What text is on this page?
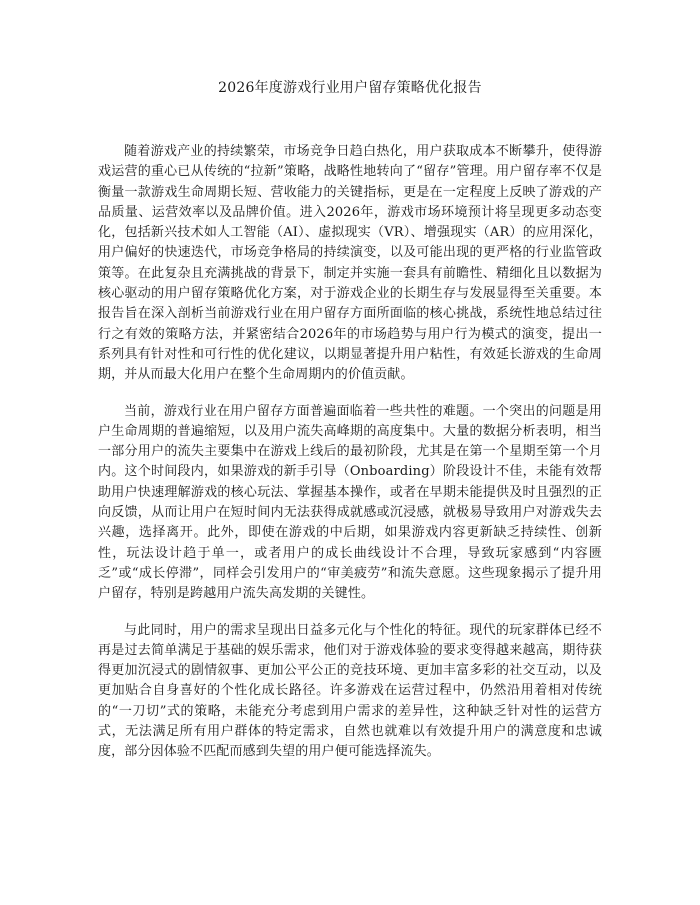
2026年度游戏行业用户留存策略优化报告

随着游戏产业的持续繁荣，市场竞争日趋白热化，用户获取成本不断攀升，使得游戏运营的重心已从传统的“拉新”策略，战略性地转向了“留存”管理。用户留存率不仅是衡量一款游戏生命周期长短、营收能力的关键指标，更是在一定程度上反映了游戏的产品质量、运营效率以及品牌价值。进入2026年，游戏市场环境预计将呈现更多动态变化，包括新兴技术如人工智能（AI）、虚拟现实（VR）、增强现实（AR）的应用深化，用户偏好的快速迭代，市场竞争格局的持续演变，以及可能出现的更严格的行业监管政策等。在此复杂且充满挑战的背景下，制定并实施一套具有前瞻性、精细化且以数据为核心驱动的用户留存策略优化方案，对于游戏企业的长期生存与发展显得至关重要。本报告旨在深入剖析当前游戏行业在用户留存方面所面临的核心挑战，系统性地总结过往行之有效的策略方法，并紧密结合2026年的市场趋势与用户行为模式的演变，提出一系列具有针对性和可行性的优化建议，以期显著提升用户粘性，有效延长游戏的生命周期，并从而最大化用户在整个生命周期内的价值贡献。

当前，游戏行业在用户留存方面普遍面临着一些共性的难题。一个突出的问题是用户生命周期的普遍缩短，以及用户流失高峰期的高度集中。大量的数据分析表明，相当一部分用户的流失主要集中在游戏上线后的最初阶段，尤其是在第一个星期至第一个月内。这个时间段内，如果游戏的新手引导（Onboarding）阶段设计不佳，未能有效帮助用户快速理解游戏的核心玩法、掌握基本操作，或者在早期未能提供及时且强烈的正向反馈，从而让用户在短时间内无法获得成就感或沉浸感，就极易导致用户对游戏失去兴趣，选择离开。此外，即使在游戏的中后期，如果游戏内容更新缺乏持续性、创新性，玩法设计趋于单一，或者用户的成长曲线设计不合理，导致玩家感到“内容匮乏”或“成长停滞”，同样会引发用户的“审美疲劳”和流失意愿。这些现象揭示了提升用户留存，特别是跨越用户流失高发期的关键性。

与此同时，用户的需求呈现出日益多元化与个性化的特征。现代的玩家群体已经不再是过去简单满足于基础的娱乐需求，他们对于游戏体验的要求变得越来越高，期待获得更加沉浸式的剧情叙事、更加公平公正的竞技环境、更加丰富多彩的社交互动，以及更加贴合自身喜好的个性化成长路径。许多游戏在运营过程中，仍然沿用着相对传统的“一刀切”式的策略，未能充分考虑到用户需求的差异性，这种缺乏针对性的运营方式，无法满足所有用户群体的特定需求，自然也就难以有效提升用户的满意度和忠诚度，部分因体验不匹配而感到失望的用户便可能选择流失。
